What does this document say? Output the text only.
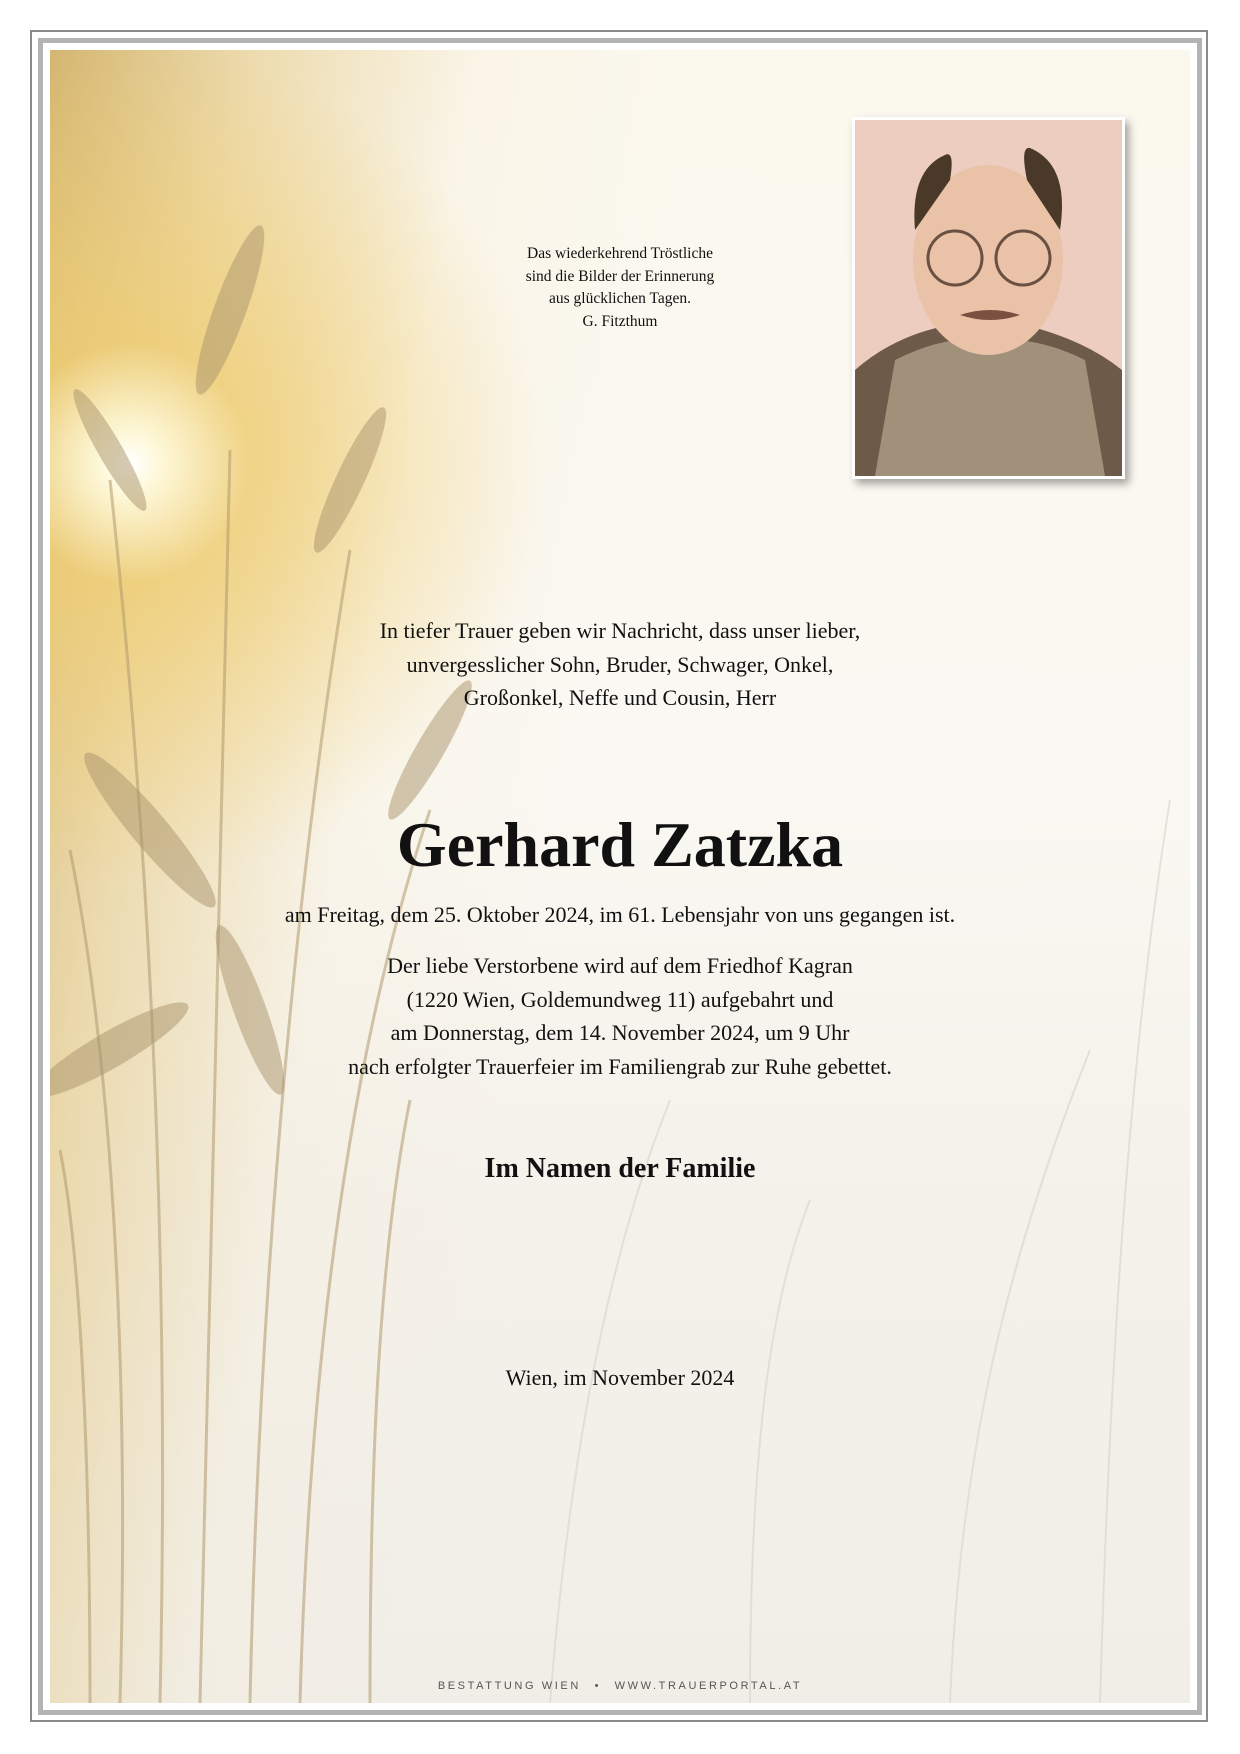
Das wiederkehrend Tröstliche
sind die Bilder der Erinnerung
aus glücklichen Tagen.
G. Fitzthum
In tiefer Trauer geben wir Nachricht, dass unser lieber,
unvergesslicher Sohn, Bruder, Schwager, Onkel,
Großonkel, Neffe und Cousin, Herr
Gerhard Zatzka
am Freitag, dem 25. Oktober 2024, im 61. Lebensjahr von uns gegangen ist.
Der liebe Verstorbene wird auf dem Friedhof Kagran
(1220 Wien, Goldemundweg 11) aufgebahrt und
am Donnerstag, dem 14. November 2024, um 9 Uhr
nach erfolgter Trauerfeier im Familiengrab zur Ruhe gebettet.
Im Namen der Familie
Wien, im November 2024
BESTATTUNG WIEN • WWW.TRAUERPORTAL.AT
